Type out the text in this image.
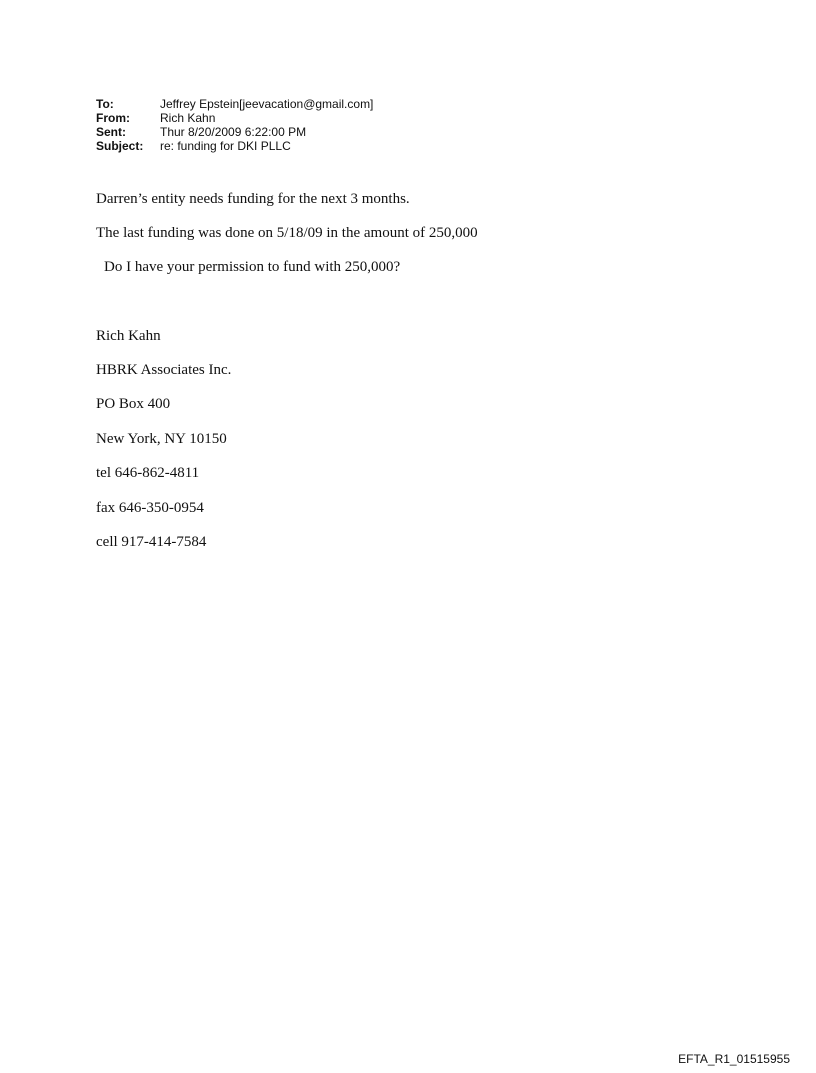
To:	Jeffrey Epstein[jeevacation@gmail.com]
From:	Rich Kahn
Sent:	Thur 8/20/2009 6:22:00 PM
Subject:	re: funding for DKI PLLC
Darren’s entity needs funding for the next 3 months.
The last funding was done on 5/18/09 in the amount of 250,000
Do I have your permission to fund with 250,000?
Rich Kahn
HBRK Associates Inc.
PO Box 400
New York, NY 10150
tel 646-862-4811
fax 646-350-0954
cell 917-414-7584
EFTA_R1_01515955
